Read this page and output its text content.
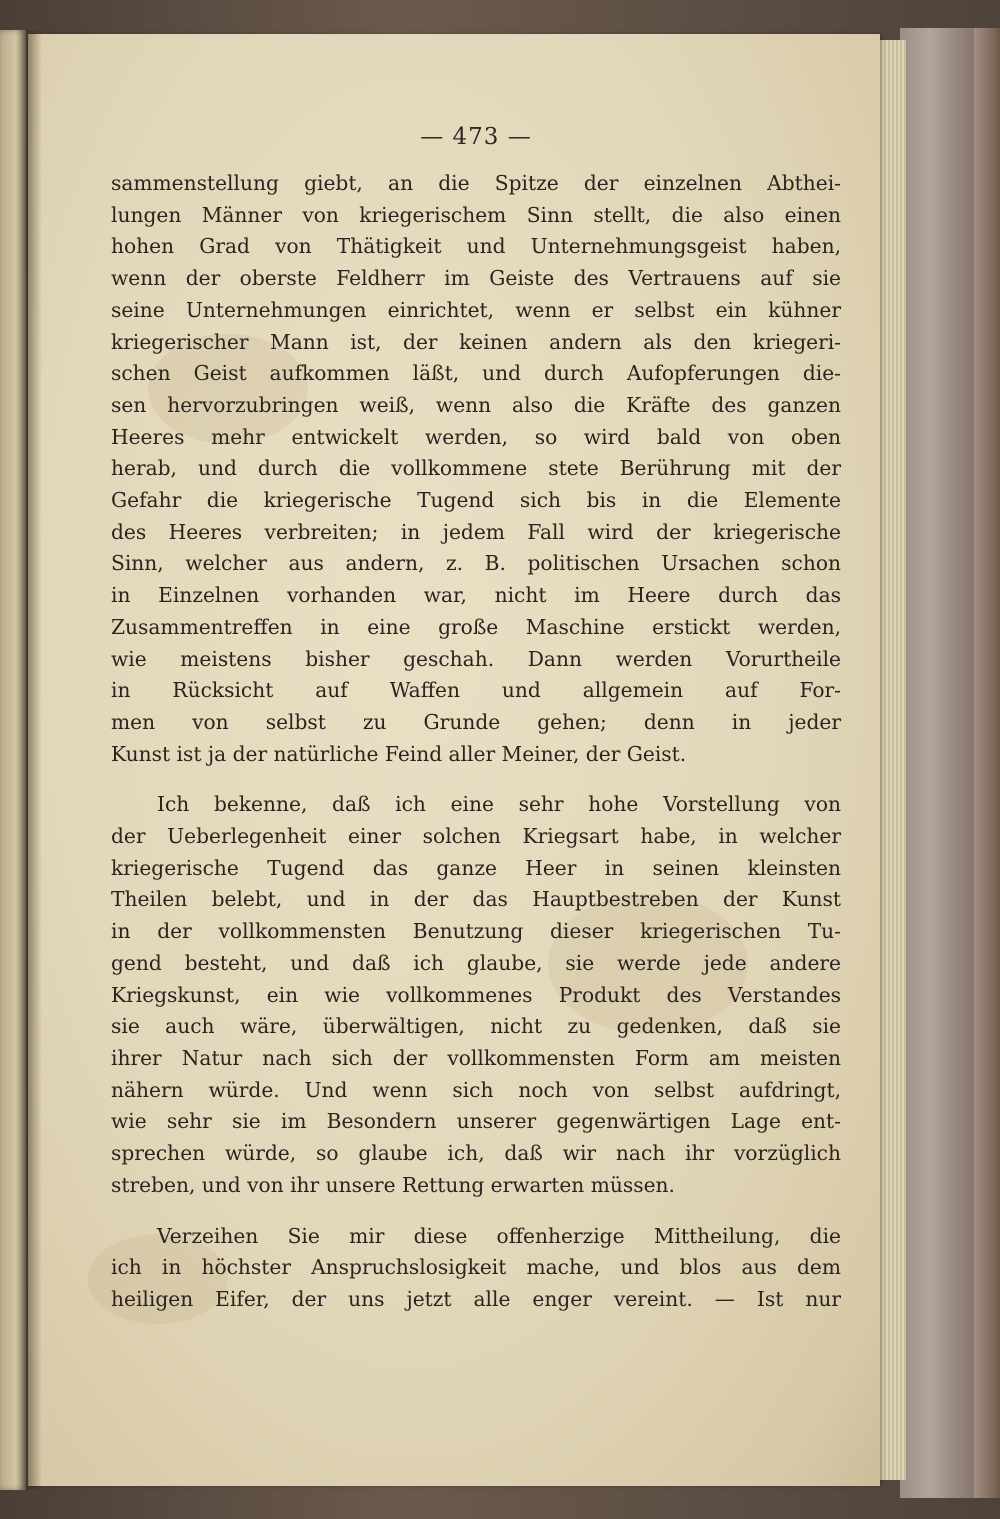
— 473 —
sammenstellung giebt, an die Spitze der einzelnen Abthei-
lungen Männer von kriegerischem Sinn stellt, die also einen
hohen Grad von Thätigkeit und Unternehmungsgeist haben,
wenn der oberste Feldherr im Geiste des Vertrauens auf sie
seine Unternehmungen einrichtet, wenn er selbst ein kühner
kriegerischer Mann ist, der keinen andern als den kriegeri-
schen Geist aufkommen läßt, und durch Aufopferungen die-
sen hervorzubringen weiß, wenn also die Kräfte des ganzen
Heeres mehr entwickelt werden, so wird bald von oben
herab, und durch die vollkommene stete Berührung mit der
Gefahr die kriegerische Tugend sich bis in die Elemente
des Heeres verbreiten; in jedem Fall wird der kriegerische
Sinn, welcher aus andern, z. B. politischen Ursachen schon
in Einzelnen vorhanden war, nicht im Heere durch das
Zusammentreffen in eine große Maschine erstickt werden,
wie meistens bisher geschah. Dann werden Vorurtheile
in Rücksicht auf Waffen und allgemein auf For-
men von selbst zu Grunde gehen; denn in jeder
Kunst ist ja der natürliche Feind aller Meiner, der Geist.
Ich bekenne, daß ich eine sehr hohe Vorstellung von
der Ueberlegenheit einer solchen Kriegsart habe, in welcher
kriegerische Tugend das ganze Heer in seinen kleinsten
Theilen belebt, und in der das Hauptbestreben der Kunst
in der vollkommensten Benutzung dieser kriegerischen Tu-
gend besteht, und daß ich glaube, sie werde jede andere
Kriegskunst, ein wie vollkommenes Produkt des Verstandes
sie auch wäre, überwältigen, nicht zu gedenken, daß sie
ihrer Natur nach sich der vollkommensten Form am meisten
nähern würde. Und wenn sich noch von selbst aufdringt,
wie sehr sie im Besondern unserer gegenwärtigen Lage ent-
sprechen würde, so glaube ich, daß wir nach ihr vorzüglich
streben, und von ihr unsere Rettung erwarten müssen.
Verzeihen Sie mir diese offenherzige Mittheilung, die
ich in höchster Anspruchslosigkeit mache, und blos aus dem
heiligen Eifer, der uns jetzt alle enger vereint. — Ist nur
